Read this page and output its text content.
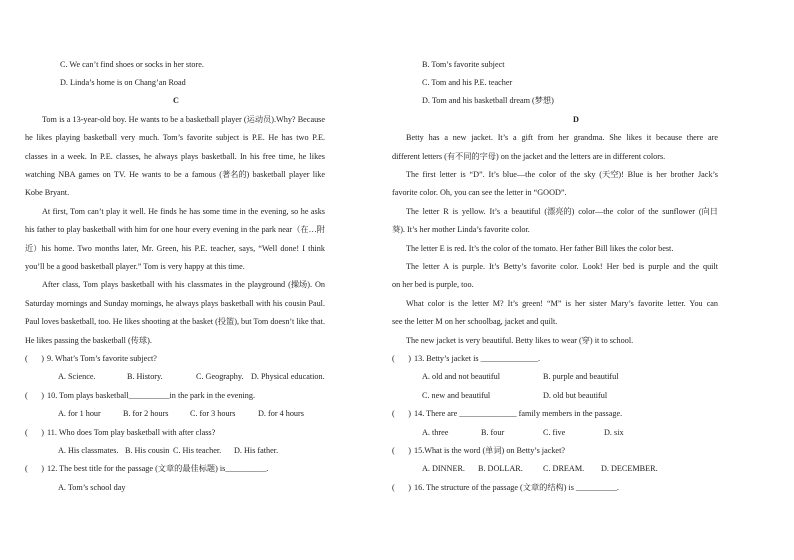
C. We can’t find shoes or socks in her store.
D. Linda’s home is on Chang’an Road
C
Tom is a 13-year-old boy. He wants to be a basketball player (运动员).Why? Because
he likes playing basketball very much. Tom’s favorite subject is P.E. He has two P.E.
classes in a week. In P.E. classes, he always plays basketball. In his free time, he likes
watching NBA games on TV. He wants to be a famous (著名的) basketball player like
Kobe Bryant.
At first, Tom can’t play it well. He finds he has some time in the evening, so he asks
his father to play basketball with him for one hour every evening in the park near（在…附
近）his home. Two months later, Mr. Green, his P.E. teacher, says, “Well done! I think
you’ll be a good basketball player.” Tom is very happy at this time.
After class, Tom plays basketball with his classmates in the playground (操场). On
Saturday mornings and Sunday mornings, he always plays basketball with his cousin Paul.
Paul loves basketball, too. He likes shooting at the basket (投篮), but Tom doesn’t like that.
He likes passing the basketball (传球).
( ) 9. What’s Tom’s favorite subject?
A. Science.	B. History.	C. Geography. D. Physical education.
( ) 10. Tom plays basketball__________in the park in the evening.
A. for 1 hour	B. for 2 hours	C. for 3 hours	D. for 4 hours
( ) 11. Who does Tom play basketball with after class?
A. His classmates. B. His cousin C. His teacher. D. His father.
( ) 12. The best title for the passage (文章的最佳标题) is__________.
A. Tom’s school day
B. Tom’s favorite subject
C. Tom and his P.E. teacher
D. Tom and his basketball dream (梦想)
D
Betty has a new jacket. It’s a gift from her grandma. She likes it because there are
different letters (有不同的字母) on the jacket and the letters are in different colors.
The first letter is “D”. It’s blue—the color of the sky (天空)! Blue is her brother Jack’s
favorite color. Oh, you can see the letter in “GOOD”.
The letter R is yellow. It’s a beautiful (漂亮的) color—the color of the sunflower (向日
葵). It’s her mother Linda’s favorite color.
The letter E is red. It’s the color of the tomato. Her father Bill likes the color best.
The letter A is purple. It’s Betty’s favorite color. Look! Her bed is purple and the quilt
on her bed is purple, too.
What color is the letter M? It’s green! “M” is her sister Mary’s favorite letter. You can
see the letter M on her schoolbag, jacket and quilt.
The new jacket is very beautiful. Betty likes to wear (穿) it to school.
( ) 13. Betty’s jacket is ______________.
A. old and not beautiful	B. purple and beautiful
C. new and beautiful	D. old but beautiful
( ) 14. There are ______________ family members in the passage.
A. three	B. four	C. five	D. six
( ) 15.What is the word (单词) on Betty’s jacket?
A. DINNER. B. DOLLAR. C. DREAM. D. DECEMBER.
( ) 16. The structure of the passage (文章的结构) is __________.
